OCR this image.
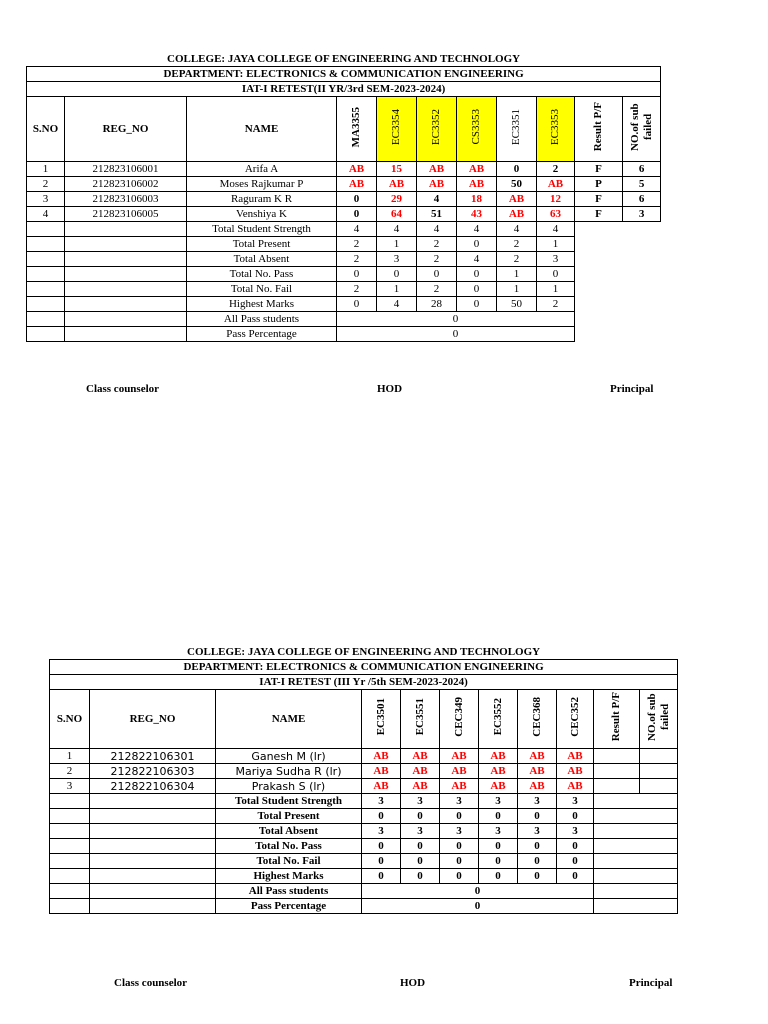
COLLEGE: JAYA COLLEGE OF ENGINEERING AND TECHNOLOGY										
DEPARTMENT: ELECTRONICS & COMMUNICATION ENGINEERING										
IAT-I RETEST(II YR/3rd SEM-2023-2024)										
S.NO	REG_NO	NAME	MA3355	EC3354	EC3352	CS3353	EC3351	EC3353	Result P/F	NO.of sub failed
1	212823106001	Arifa A	AB	15	AB	AB	0	2	F	6
2	212823106002	Moses Rajkumar P	AB	AB	AB	AB	50	AB	P	5
3	212823106003	Raguram K R	0	29	4	18	AB	12	F	6
4	212823106005	Venshiya K	0	64	51	43	AB	63	F	3
		Total Student Strength	4	4	4	4	4	4		
		Total Present	2	1	2	0	2	1		
		Total Absent	2	3	2	4	2	3		
		Total No. Pass	0	0	0	0	1	0		
		Total No. Fail	2	1	2	0	1	1		
		Highest Marks	0	4	28	0	50	2		
		All Pass students	0							
		Pass Percentage	0							
Class counselor	HOD	Principal
COLLEGE: JAYA COLLEGE OF ENGINEERING AND TECHNOLOGY										
DEPARTMENT: ELECTRONICS & COMMUNICATION ENGINEERING										
IAT-I RETEST (III Yr /5th SEM-2023-2024)										
S.NO	REG_NO	NAME	EC3501	EC3551	CEC349	EC3552	CEC368	CEC352	Result P/F	NO.of sub failed
1	212822106301	Ganesh M (lr)	AB	AB	AB	AB	AB	AB		
2	212822106303	Mariya Sudha R (lr)	AB	AB	AB	AB	AB	AB		
3	212822106304	Prakash S (lr)	AB	AB	AB	AB	AB	AB		
		Total Student Strength	3	3	3	3	3	3		
		Total Present	0	0	0	0	0	0		
		Total Absent	3	3	3	3	3	3		
		Total No. Pass	0	0	0	0	0	0		
		Total No. Fail	0	0	0	0	0	0		
		Highest Marks	0	0	0	0	0	0		
		All Pass students	0							
		Pass Percentage	0							
Class counselor	HOD	Principal
